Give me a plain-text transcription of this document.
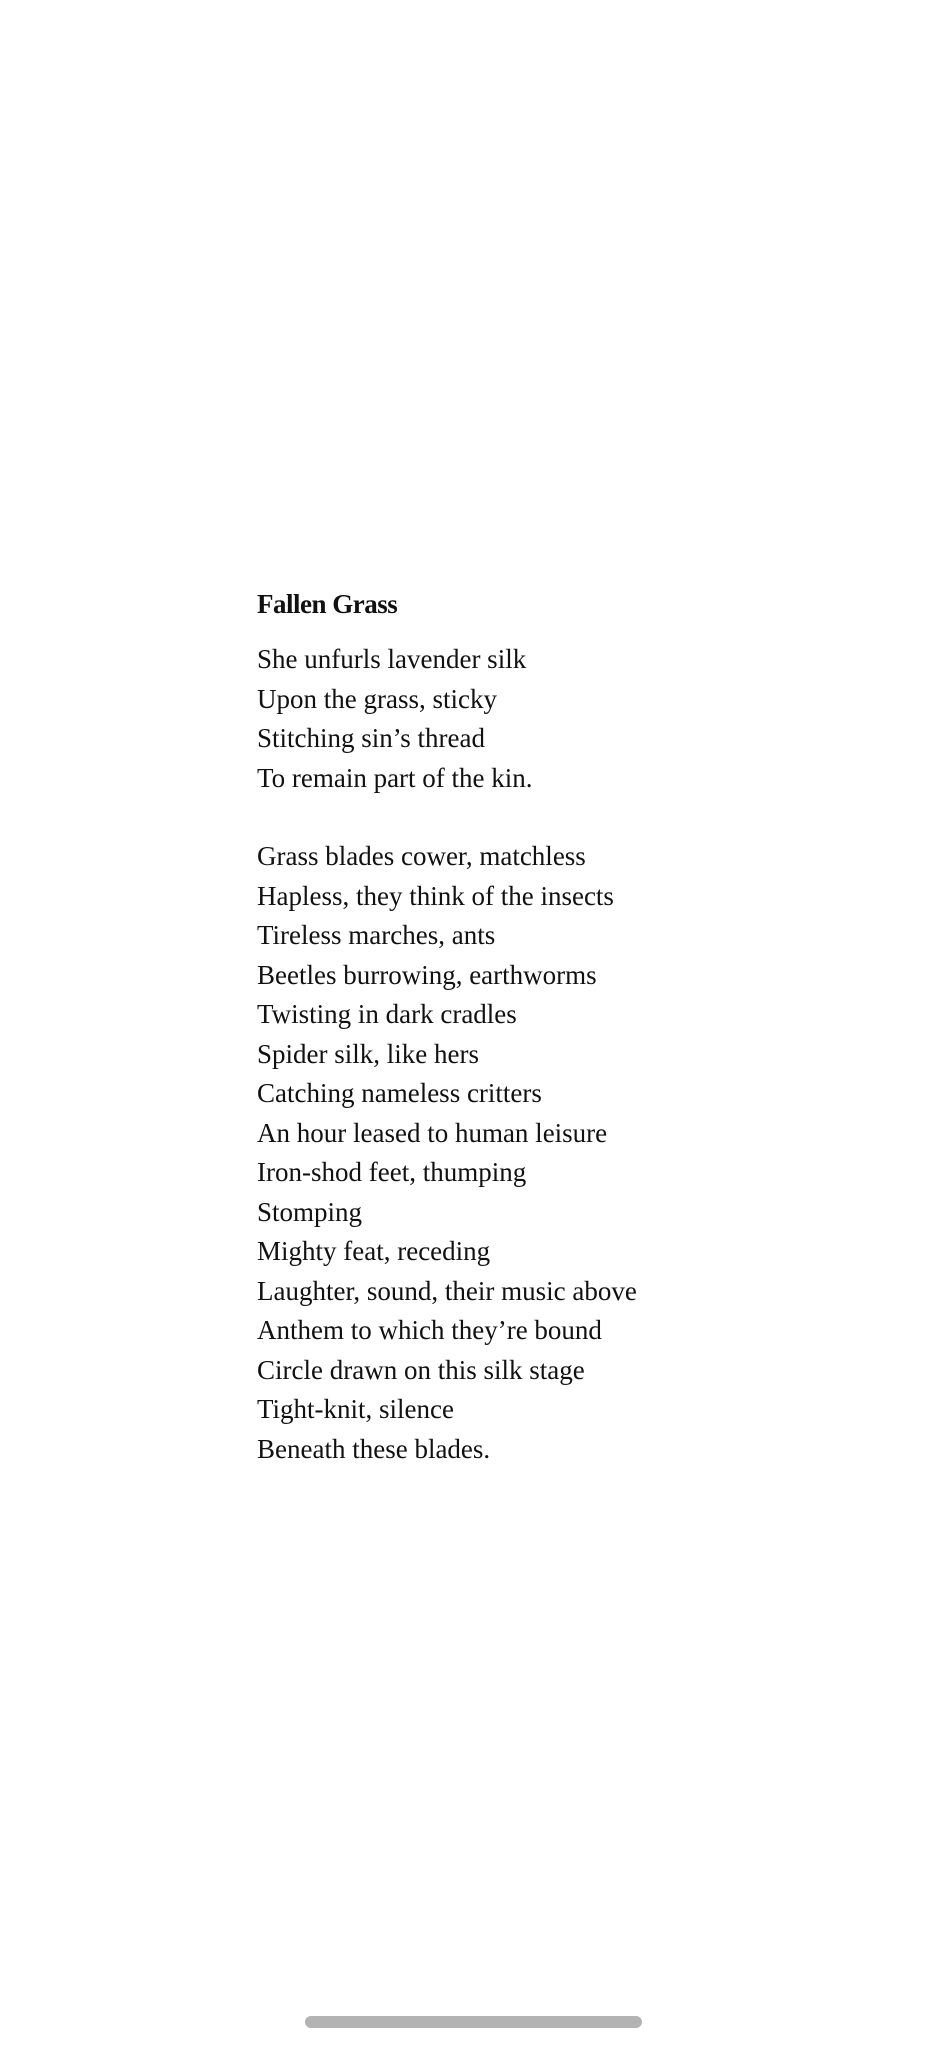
Fallen Grass
She unfurls lavender silk
Upon the grass, sticky
Stitching sin’s thread
To remain part of the kin.
Grass blades cower, matchless
Hapless, they think of the insects
Tireless marches, ants
Beetles burrowing, earthworms
Twisting in dark cradles
Spider silk, like hers
Catching nameless critters
An hour leased to human leisure
Iron-shod feet, thumping
Stomping
Mighty feat, receding
Laughter, sound, their music above
Anthem to which they’re bound
Circle drawn on this silk stage
Tight-knit, silence
Beneath these blades.
